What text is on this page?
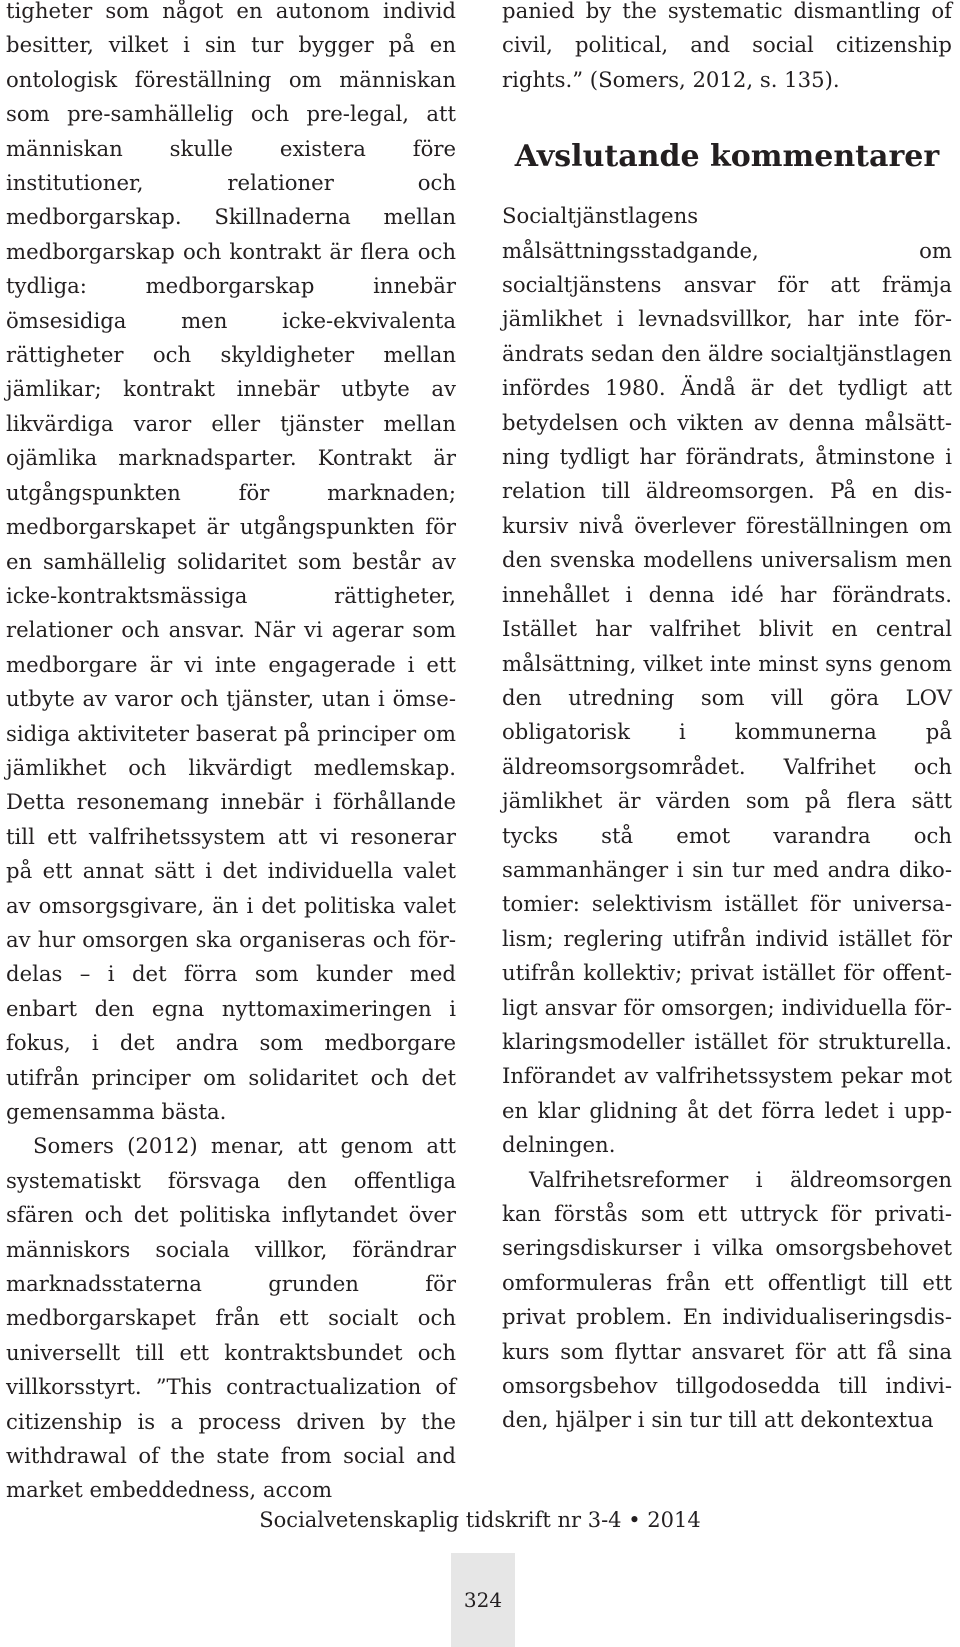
tigheter som något en autonom individ besitter, vilket i sin tur bygger på en ontologisk föreställning om människan som pre-samhällelig och pre-legal, att människan skulle existera före institutioner, relationer och medborgarskap. Skillnaderna mellan medborgarskap och kontrakt är flera och tydliga: medborgarskap innebär ömsesidiga men icke-ekvivalenta rättigheter och skyldigheter mellan jämlikar; kontrakt innebär utbyte av likvärdiga varor eller tjänster mellan ojämlika marknadsparter. Kontrakt är utgångspunkten för marknaden; medborgarskapet är utgångspunkten för en samhällelig solidaritet som består av icke-kontraktsmässiga rättigheter, relationer och ansvar. När vi agerar som medborgare är vi inte engagerade i ett utbyte av varor och tjänster, utan i ömsesidiga aktiviteter baserat på principer om jämlikhet och likvärdigt medlemskap. Detta resonemang innebär i förhållande till ett valfrihetssystem att vi resonerar på ett annat sätt i det individuella valet av omsorgsgivare, än i det politiska valet av hur omsorgen ska organiseras och fördelas – i det förra som kunder med enbart den egna nyttomaximeringen i fokus, i det andra som medborgare utifrån principer om solidaritet och det gemensamma bästa.

Somers (2012) menar, att genom att systematiskt försvaga den offentliga sfären och det politiska inflytandet över människors sociala villkor, förändrar marknadsstaterna grunden för medborgarskapet från ett socialt och universellt till ett kontraktsbundet och villkorsstyrt. ”This contractualization of citizenship is a process driven by the withdrawal of the state from social and market embeddedness, accom

panied by the systematic dismantling of civil, political, and social citizenship rights.” (Somers, 2012, s. 135).

Avslutande kommentarer

Socialtjänstlagens målsättningsstadgande, om socialtjänstens ansvar för att främja jämlikhet i levnadsvillkor, har inte förändrats sedan den äldre socialtjänstlagen infördes 1980. Ändå är det tydligt att betydelsen och vikten av denna målsättning tydligt har förändrats, åtminstone i relation till äldreomsorgen. På en diskursiv nivå överlever föreställningen om den svenska modellens universalism men innehållet i denna idé har förändrats. Istället har valfrihet blivit en central målsättning, vilket inte minst syns genom den utredning som vill göra LOV obligatorisk i kommunerna på äldreomsorgsområdet. Valfrihet och jämlikhet är värden som på flera sätt tycks stå emot varandra och sammanhänger i sin tur med andra dikotomier: selektivism istället för universalism; reglering utifrån individ istället för utifrån kollektiv; privat istället för offentligt ansvar för omsorgen; individuella förklaringsmodeller istället för strukturella. Införandet av valfrihetssystem pekar mot en klar glidning åt det förra ledet i uppdelningen.

Valfrihetsreformer i äldreomsorgen kan förstås som ett uttryck för privatiseringsdiskurser i vilka omsorgsbehovet omformuleras från ett offentligt till ett privat problem. En individualiseringsdiskurs som flyttar ansvaret för att få sina omsorgsbehov tillgodosedda till individen, hjälper i sin tur till att dekontextua

Socialvetenskaplig tidskrift nr 3-4 • 2014
324
